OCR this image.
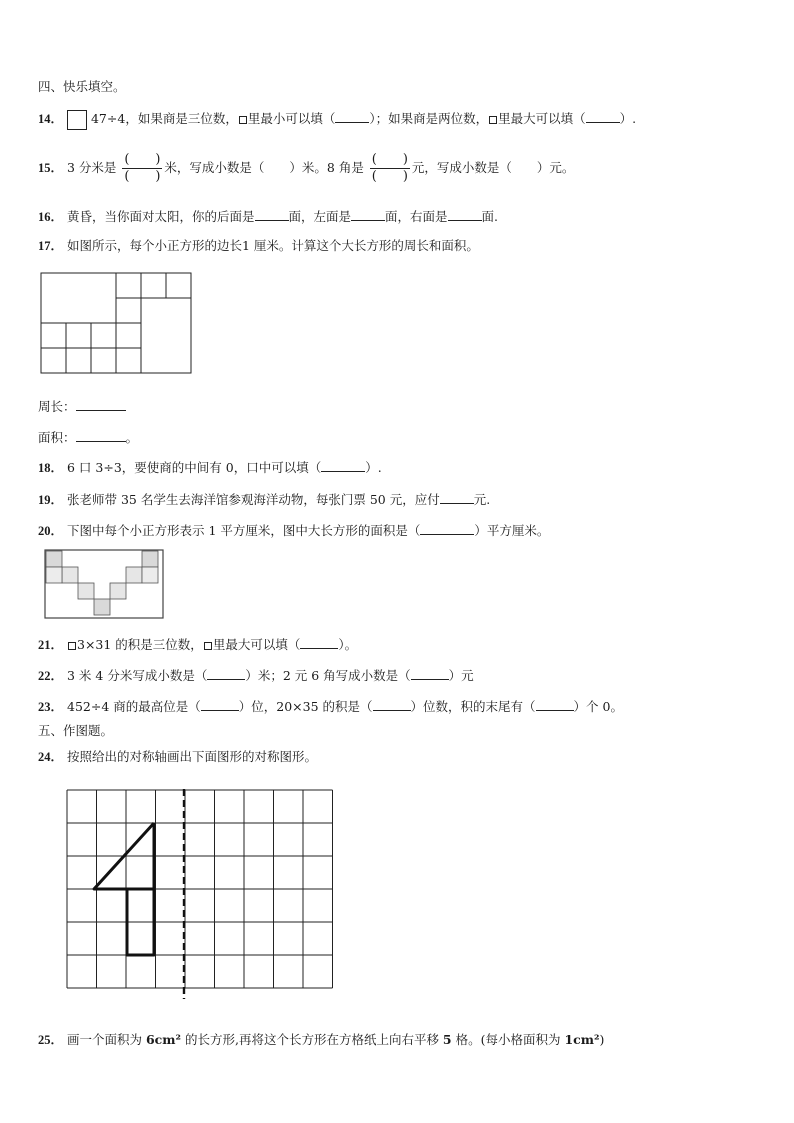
四、快乐填空。
14． 47÷4，如果商是三位数， 里最小可以填（	）；如果商是两位数， 里最大可以填（	）.
15． 3 分米是 $\frac{( )}{( )}$ 米，写成小数是（　　）米。8 角是 $\frac{( )}{( )}$ 元，写成小数是（　　）元。
16． 黄昏，当你面对太阳，你的后面是	面，左面是	面，右面是	面.
17． 如图所示，每个小正方形的边长1 厘米。计算这个大长方形的周长和面积。
周长：
面积：	。
18． 6 口 3÷3，要使商的中间有 0，口中可以填（	）.
19． 张老师带 35 名学生去海洋馆参观海洋动物，每张门票 50 元，应付	元.
20． 下图中每个小正方形表示 1 平方厘米，图中大长方形的面积是（	）平方厘米。
21． 3×31 的积是三位数， 里最大可以填（	）。
22． 3 米 4 分米写成小数是（	）米；2 元 6 角写成小数是（	）元
23． 452÷4 商的最高位是（	）位，20×35 的积是（	）位数，积的末尾有（	）个 0。
五、作图题。
24． 按照给出的对称轴画出下面图形的对称图形。
25． 画一个面积为 6cm² 的长方形,再将这个长方形在方格纸上向右平移 5 格。(每小格面积为 1cm²)
